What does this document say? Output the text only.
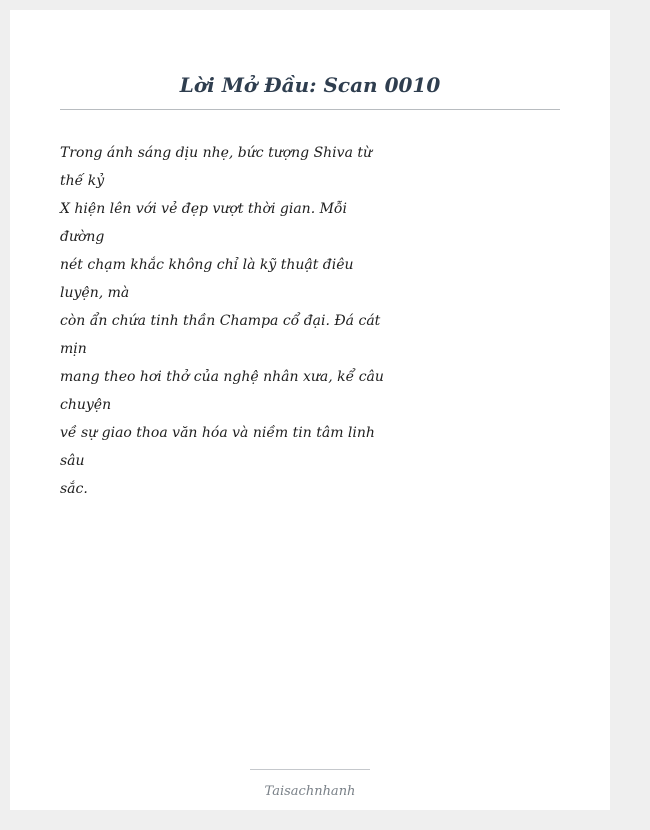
Lời Mở Đầu: Scan 0010
Trong ánh sáng dịu nhẹ, bức tượng Shiva từ
thế kỷ
X hiện lên với vẻ đẹp vượt thời gian. Mỗi
đường
nét chạm khắc không chỉ là kỹ thuật điêu
luyện, mà
còn ẩn chứa tinh thần Champa cổ đại. Đá cát
mịn
mang theo hơi thở của nghệ nhân xưa, kể câu
chuyện
về sự giao thoa văn hóa và niềm tin tâm linh
sâu
sắc.
Taisachnhanh
